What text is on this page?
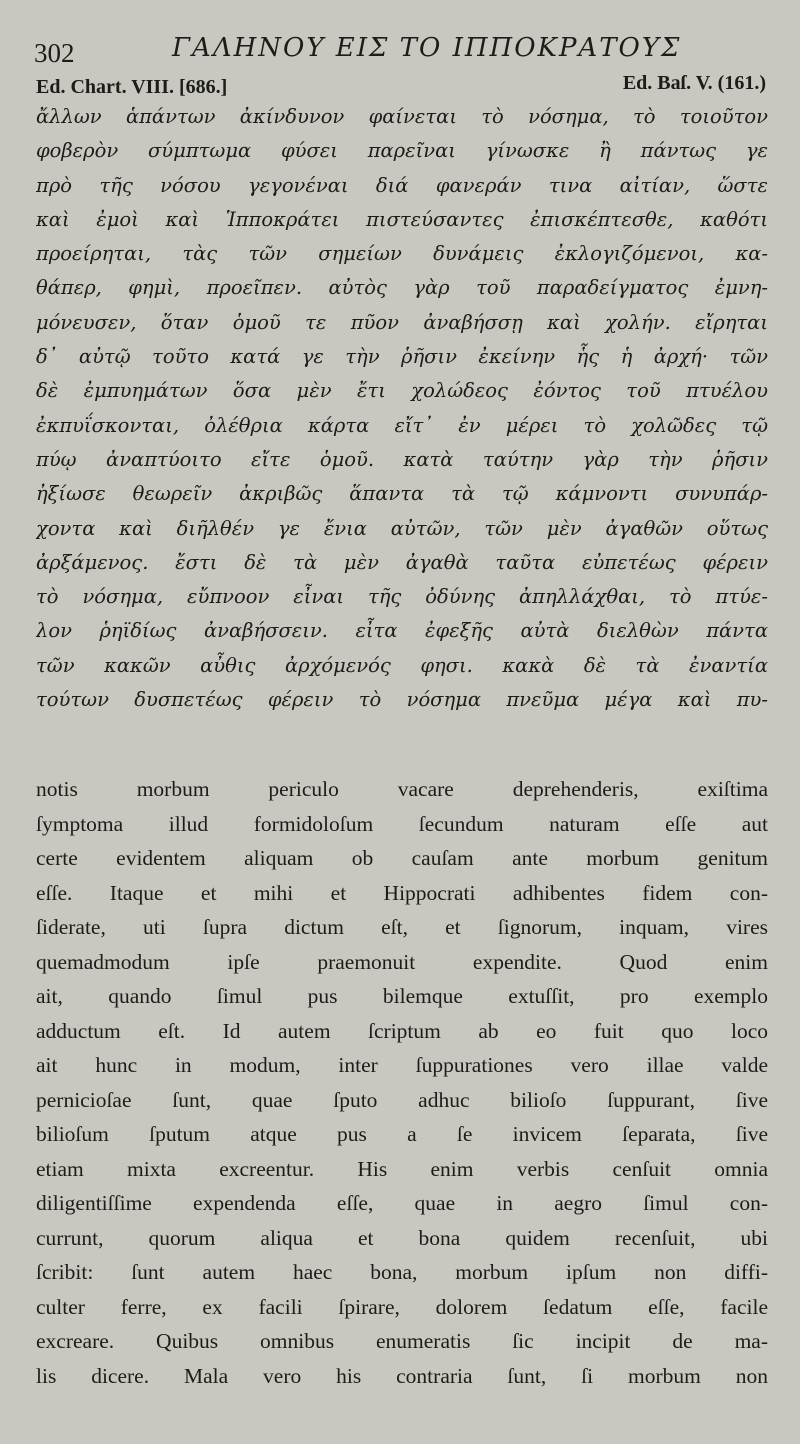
302	ΓΑΛΗΝΟΥ ΕΙΣ ΤΟ ΙΠΠΟΚΡΑΤΟΥΣ
Ed. Chart. VIII. [686.]	Ed. Baſ. V. (161.)
ἄλλων ἁπάντων ἀκίνδυνον φαίνεται τὸ νόσημα, τὸ τοιοῦτον
φοβερὸν σύμπτωμα φύσει παρεῖναι γίνωσκε ἢ πάντως γε
πρὸ τῆς νόσου γεγονέναι διά φανεράν τινα αἰτίαν, ὥστε
καὶ ἐμοὶ καὶ Ἱπποκράτει πιστεύσαντες ἐπισκέπτεσθε, καθότι
προείρηται, τὰς τῶν σημείων δυνάμεις ἐκλογιζόμενοι, κα-
θάπερ, φημὶ, προεῖπεν. αὐτὸς γὰρ τοῦ παραδείγματος ἐμνη-
μόνευσεν, ὅταν ὁμοῦ τε πῦον ἀναβήσσῃ καὶ χολήν. εἴρηται
δ᾽ αὐτῷ τοῦτο κατά γε τὴν ῥῆσιν ἐκείνην ἧς ἡ ἀρχή· τῶν
δὲ ἐμπυημάτων ὅσα μὲν ἔτι χολώδεος ἐόντος τοῦ πτυέλου
ἐκπυΐσκονται, ὀλέθρια κάρτα εἴτ᾽ ἐν μέρει τὸ χολῶδες τῷ
πύῳ ἀναπτύοιτο εἴτε ὁμοῦ. κατὰ ταύτην γὰρ τὴν ῥῆσιν
ἠξίωσε θεωρεῖν ἀκριβῶς ἅπαντα τὰ τῷ κάμνοντι συνυπάρ-
χοντα καὶ διῆλθέν γε ἔνια αὐτῶν, τῶν μὲν ἀγαθῶν οὕτως
ἀρξάμενος. ἔστι δὲ τὰ μὲν ἀγαθὰ ταῦτα εὐπετέως φέρειν
τὸ νόσημα, εὔπνοον εἶναι τῆς ὀδύνης ἀπηλλάχθαι, τὸ πτύε-
λον ῥηϊδίως ἀναβήσσειν. εἶτα ἐφεξῆς αὐτὰ διελθὼν πάντα
τῶν κακῶν αὖθις ἀρχόμενός φησι. κακὰ δὲ τὰ ἐναντία
τούτων δυσπετέως φέρειν τὸ νόσημα πνεῦμα μέγα καὶ πυ-
notis morbum periculo vacare deprehenderis, exiſtima
ſymptoma illud formidoloſum ſecundum naturam eſſe aut
certe evidentem aliquam ob cauſam ante morbum genitum
eſſe. Itaque et mihi et Hippocrati adhibentes fidem con-
ſiderate, uti ſupra dictum eſt, et ſignorum, inquam, vires
quemadmodum ipſe praemonuit expendite. Quod enim
ait, quando ſimul pus bilemque extuſſit, pro exemplo
adductum eſt. Id autem ſcriptum ab eo fuit quo loco
ait hunc in modum, inter ſuppurationes vero illae valde
pernicioſae ſunt, quae ſputo adhuc bilioſo ſuppurant, ſive
bilioſum ſputum atque pus a ſe invicem ſeparata, ſive
etiam mixta excreentur. His enim verbis cenſuit omnia
diligentiſſime expendenda eſſe, quae in aegro ſimul con-
currunt, quorum aliqua et bona quidem recenſuit, ubi
ſcribit: ſunt autem haec bona, morbum ipſum non diffi-
culter ferre, ex facili ſpirare, dolorem ſedatum eſſe, facile
excreare. Quibus omnibus enumeratis ſic incipit de ma-
lis dicere. Mala vero his contraria ſunt, ſi morbum non
